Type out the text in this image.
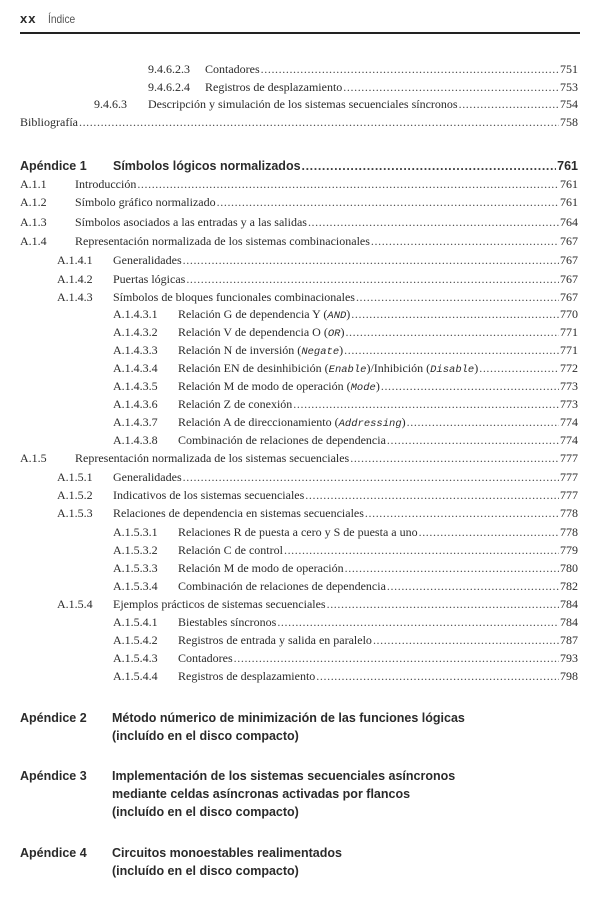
xx Índice
9.4.6.2.3 Contadores .....	751
9.4.6.2.4 Registros de desplazamiento .....	753
9.4.6.3 Descripción y simulación de los sistemas secuenciales síncronos .....	754
Bibliografía .....	758
Apéndice 1 Símbolos lógicos normalizados .....	761
A.1.1 Introducción .....	761
A.1.2 Símbolo gráfico normalizado .....	761
A.1.3 Símbolos asociados a las entradas y a las salidas .....	764
A.1.4 Representación normalizada de los sistemas combinacionales .....	767
A.1.4.1 Generalidades .....	767
A.1.4.2 Puertas lógicas .....	767
A.1.4.3 Símbolos de bloques funcionales combinacionales .....	767
A.1.4.3.1 Relación G de dependencia Y (AND) .....	770
A.1.4.3.2 Relación V de dependencia O (OR) .....	771
A.1.4.3.3 Relación N de inversión (Negate) .....	771
A.1.4.3.4 Relación EN de desinhibición (Enable)/Inhibición (Disable) .....	772
A.1.4.3.5 Relación M de modo de operación (Mode) .....	773
A.1.4.3.6 Relación Z de conexión .....	773
A.1.4.3.7 Relación A de direccionamiento (Addressing) .....	774
A.1.4.3.8 Combinación de relaciones de dependencia .....	774
A.1.5 Representación normalizada de los sistemas secuenciales .....	777
A.1.5.1 Generalidades .....	777
A.1.5.2 Indicativos de los sistemas secuenciales .....	777
A.1.5.3 Relaciones de dependencia en sistemas secuenciales .....	778
A.1.5.3.1 Relaciones R de puesta a cero y S de puesta a uno .....	778
A.1.5.3.2 Relación C de control .....	779
A.1.5.3.3 Relación M de modo de operación .....	780
A.1.5.3.4 Combinación de relaciones de dependencia .....	782
A.1.5.4 Ejemplos prácticos de sistemas secuenciales .....	784
A.1.5.4.1 Biestables síncronos .....	784
A.1.5.4.2 Registros de entrada y salida en paralelo .....	787
A.1.5.4.3 Contadores .....	793
A.1.5.4.4 Registros de desplazamiento .....	798
Apéndice 2 Método númerico de minimización de las funciones lógicas
(incluído en el disco compacto)
Apéndice 3 Implementación de los sistemas secuenciales asíncronos
mediante celdas asíncronas activadas por flancos
(incluído en el disco compacto)
Apéndice 4 Circuitos monoestables realimentados
(incluído en el disco compacto)
